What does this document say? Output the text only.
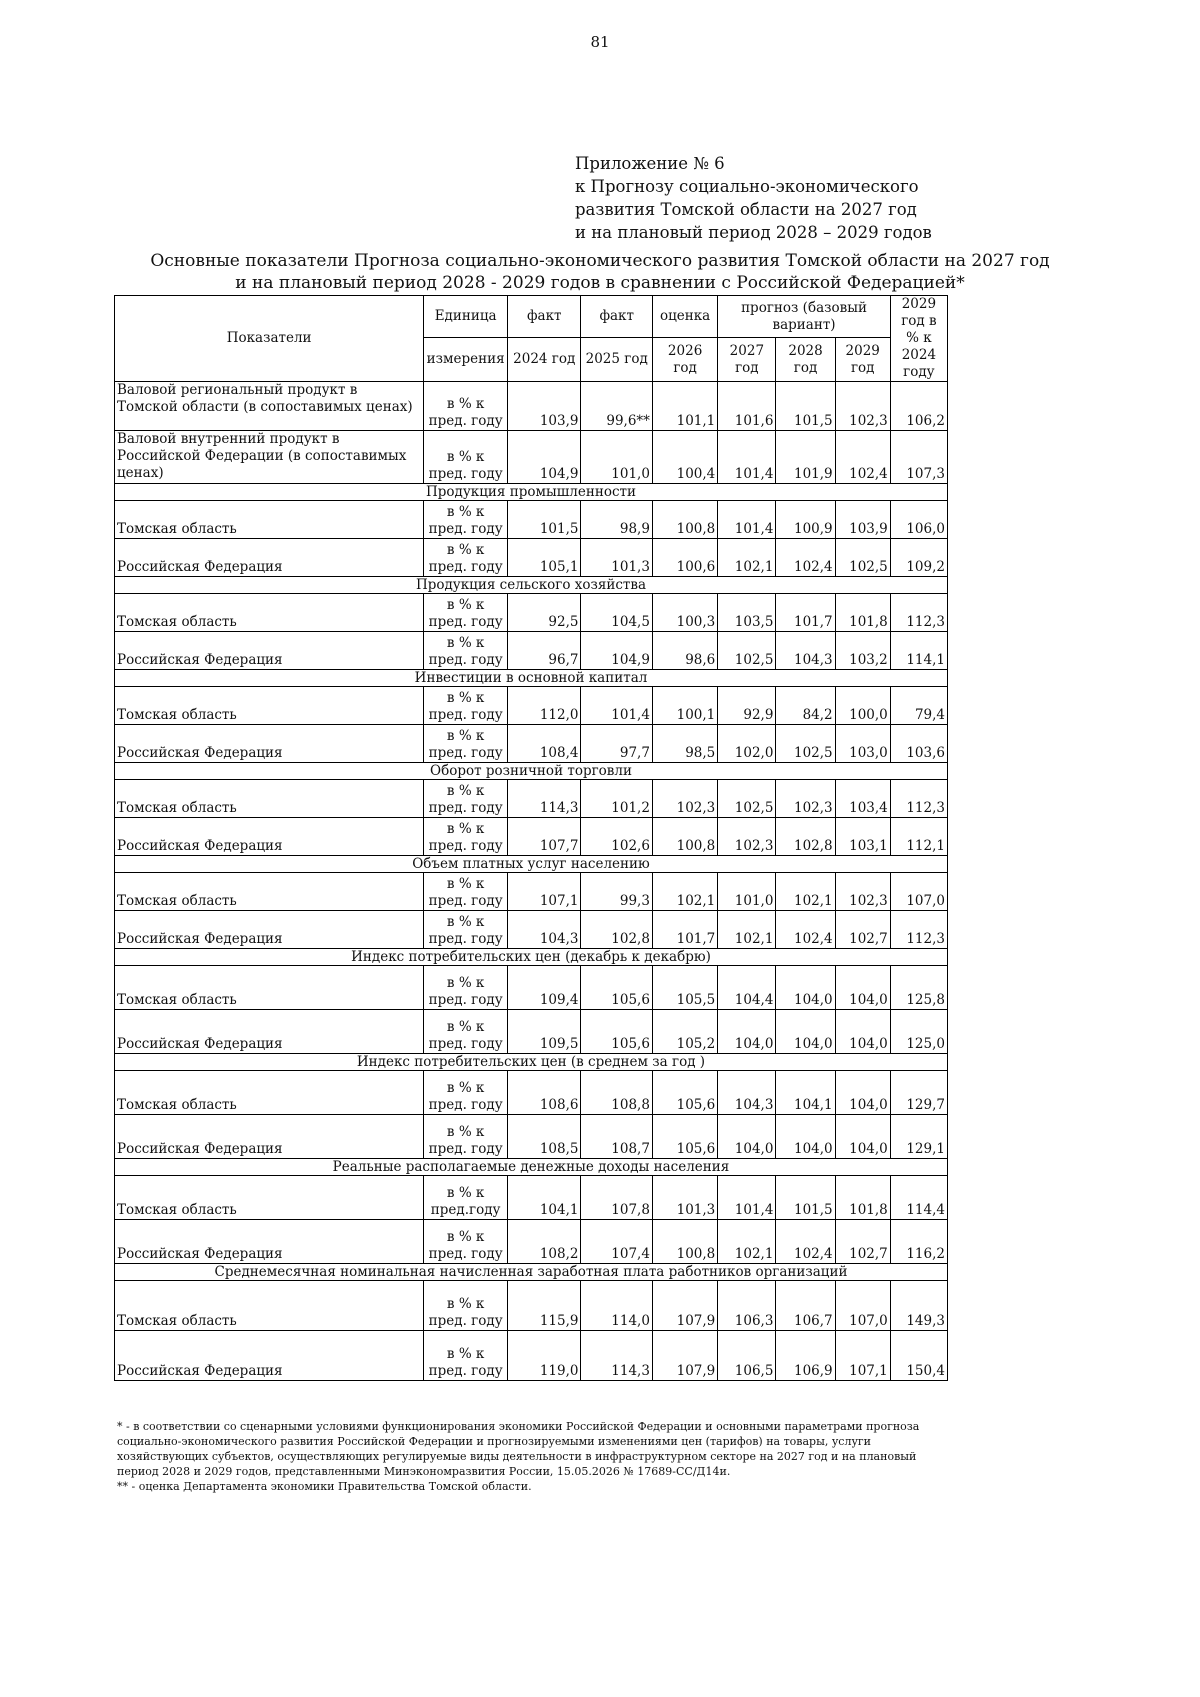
81
Приложение № 6
к Прогнозу социально-экономического
развития Томской области на 2027 год
и на плановый период 2028 – 2029 годов
Основные показатели Прогноза социально-экономического развития Томской области на 2027 год
и на плановый период 2028 - 2029 годов в сравнении с Российской Федерацией*
Показатели	Единица	факт	факт	оценка	прогноз (базовый вариант)			2029 год в % к 2024 году
	измерения	2024 год	2025 год	2026 год	2027 год	2028 год	2029 год	
Валовой региональный продукт в Томской области (в сопоставимых ценах)	в % к пред. году	103,9	99,6**	101,1	101,6	101,5	102,3	106,2
Валовой внутренний продукт в Российской Федерации (в сопоставимых ценах)	в % к пред. году	104,9	101,0	100,4	101,4	101,9	102,4	107,3
Продукция промышленности								
Томская область	в % к пред. году	101,5	98,9	100,8	101,4	100,9	103,9	106,0
Российская Федерация	в % к пред. году	105,1	101,3	100,6	102,1	102,4	102,5	109,2
Продукция сельского хозяйства								
Томская область	в % к пред. году	92,5	104,5	100,3	103,5	101,7	101,8	112,3
Российская Федерация	в % к пред. году	96,7	104,9	98,6	102,5	104,3	103,2	114,1
Инвестиции в основной капитал								
Томская область	в % к пред. году	112,0	101,4	100,1	92,9	84,2	100,0	79,4
Российская Федерация	в % к пред. году	108,4	97,7	98,5	102,0	102,5	103,0	103,6
Оборот розничной торговли								
Томская область	в % к пред. году	114,3	101,2	102,3	102,5	102,3	103,4	112,3
Российская Федерация	в % к пред. году	107,7	102,6	100,8	102,3	102,8	103,1	112,1
Объем платных услуг населению								
Томская область	в % к пред. году	107,1	99,3	102,1	101,0	102,1	102,3	107,0
Российская Федерация	в % к пред. году	104,3	102,8	101,7	102,1	102,4	102,7	112,3
Индекс потребительских цен (декабрь к декабрю)								
Томская область	в % к пред. году	109,4	105,6	105,5	104,4	104,0	104,0	125,8
Российская Федерация	в % к пред. году	109,5	105,6	105,2	104,0	104,0	104,0	125,0
Индекс потребительских цен (в среднем за год )								
Томская область	в % к пред. году	108,6	108,8	105,6	104,3	104,1	104,0	129,7
Российская Федерация	в % к пред. году	108,5	108,7	105,6	104,0	104,0	104,0	129,1
Реальные располагаемые денежные доходы населения								
Томская область	в % к пред.году	104,1	107,8	101,3	101,4	101,5	101,8	114,4
Российская Федерация	в % к пред. году	108,2	107,4	100,8	102,1	102,4	102,7	116,2
Среднемесячная номинальная начисленная заработная плата работников организаций								
Томская область	в % к пред. году	115,9	114,0	107,9	106,3	106,7	107,0	149,3
Российская Федерация	в % к пред. году	119,0	114,3	107,9	106,5	106,9	107,1	150,4
* - в соответствии со сценарными условиями функционирования экономики Российской Федерации и основными параметрами прогноза
социально-экономического развития Российской Федерации и прогнозируемыми изменениями цен (тарифов) на товары, услуги
хозяйствующих субъектов, осуществляющих регулируемые виды деятельности в инфраструктурном секторе на 2027 год и на плановый
период 2028 и 2029 годов, представленными Минэкономразвития России, 15.05.2026 № 17689-СС/Д14и.
** - оценка Департамента экономики Правительства Томской области.
